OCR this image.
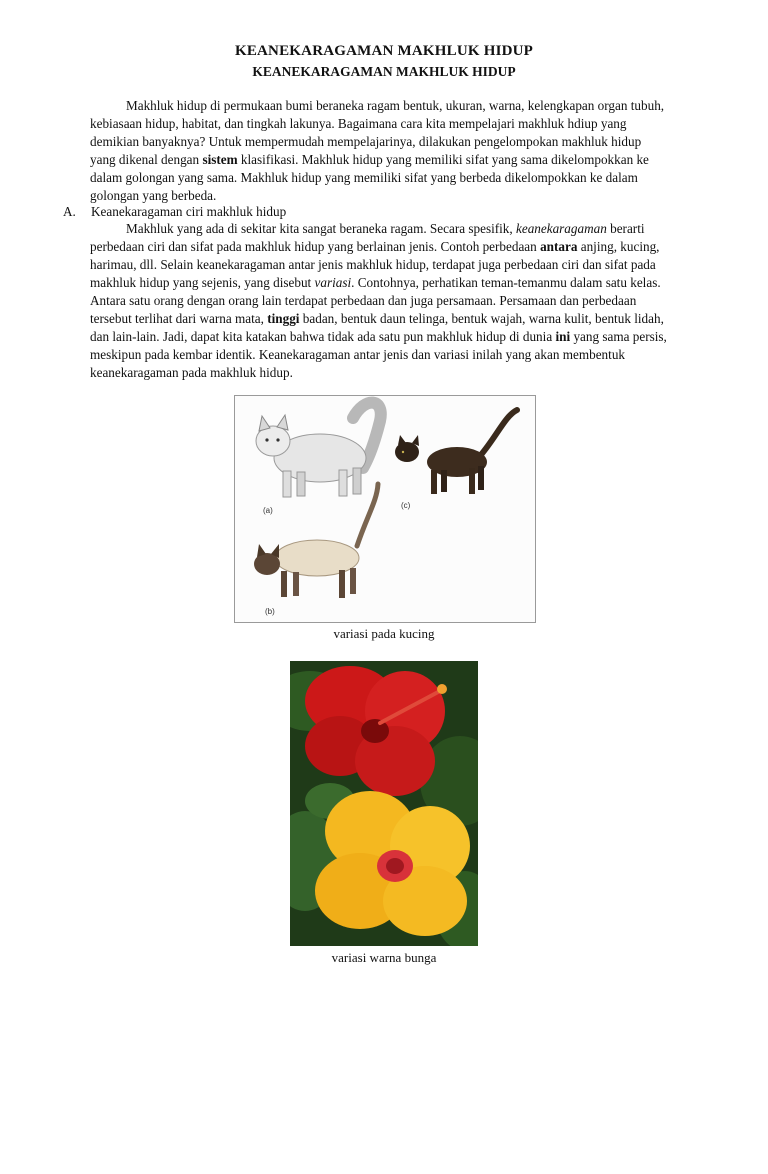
KEANEKARAGAMAN MAKHLUK HIDUP
KEANEKARAGAMAN MAKHLUK HIDUP
Makhluk hidup di permukaan bumi beraneka ragam bentuk, ukuran, warna, kelengkapan organ tubuh, kebiasaan hidup, habitat, dan tingkah lakunya. Bagaimana cara kita mempelajari makhluk hdiup yang demikian banyaknya? Untuk mempermudah mempelajarinya, dilakukan pengelompokan makhluk hidup yang dikenal dengan sistem klasifikasi. Makhluk hidup yang memiliki sifat yang sama dikelompokkan ke dalam golongan yang sama. Makhluk hidup yang memiliki sifat yang berbeda dikelompokkan ke dalam golongan yang berbeda.
A. Keanekaragaman ciri makhluk hidup
Makhluk yang ada di sekitar kita sangat beraneka ragam. Secara spesifik, keanekaragaman berarti perbedaan ciri dan sifat pada makhluk hidup yang berlainan jenis. Contoh perbedaan antara anjing, kucing, harimau, dll. Selain keanekaragaman antar jenis makhluk hidup, terdapat juga perbedaan ciri dan sifat pada makhluk hidup yang sejenis, yang disebut variasi. Contohnya, perhatikan teman-temanmu dalam satu kelas. Antara satu orang dengan orang lain terdapat perbedaan dan juga persamaan. Persamaan dan perbedaan tersebut terlihat dari warna mata, tinggi badan, bentuk daun telinga, bentuk wajah, warna kulit, bentuk lidah, dan lain-lain. Jadi, dapat kita katakan bahwa tidak ada satu pun makhluk hidup di dunia ini yang sama persis, meskipun pada kembar identik. Keanekaragaman antar jenis dan variasi inilah yang akan membentuk keanekaragaman pada makhluk hidup.
(a)
(c)
(b)
variasi pada kucing
variasi warna bunga
